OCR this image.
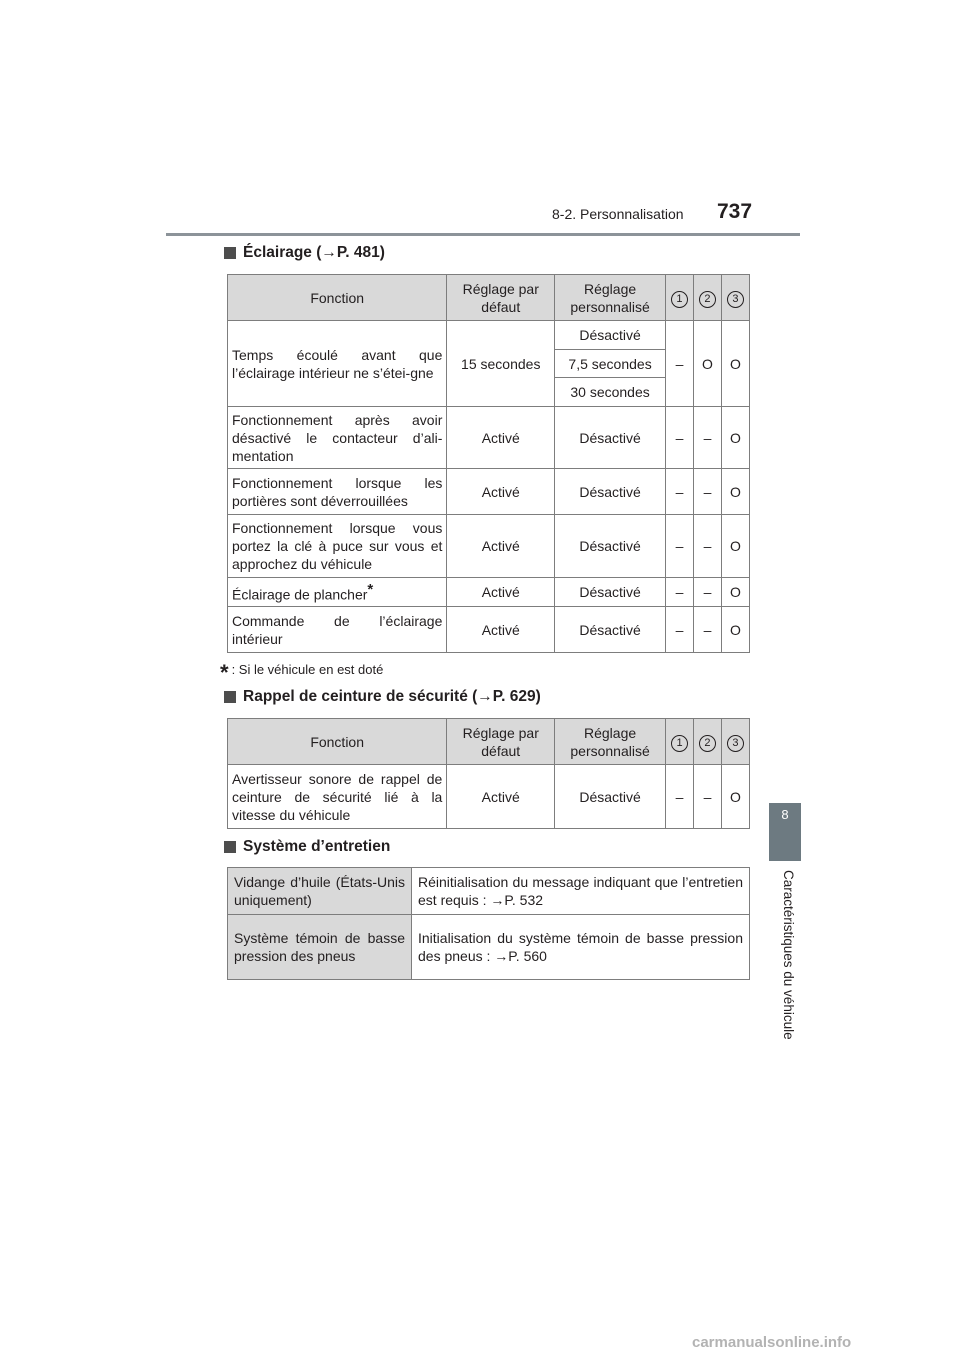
8-2. Personnalisation 737
8
Caractéristiques du véhicule
Éclairage (→P. 481)
Fonction	Réglage par défaut	Réglage personnalisé	1	2	3
Temps écoulé avant que l’éclairage intérieur ne s’étei-gne	15 secondes	Désactivé	–	O	O
		7,5 secondes			
		30 secondes			
Fonctionnement après avoir désactivé le contacteur d’ali-mentation	Activé	Désactivé	–	–	O
Fonctionnement lorsque les portières sont déverrouillées	Activé	Désactivé	–	–	O
Fonctionnement lorsque vous portez la clé à puce sur vous et approchez du véhicule	Activé	Désactivé	–	–	O
Éclairage de plancher*	Activé	Désactivé	–	–	O
Commande de l’éclairage intérieur	Activé	Désactivé	–	–	O
* : Si le véhicule en est doté
Rappel de ceinture de sécurité (→P. 629)
Fonction	Réglage par défaut	Réglage personnalisé	1	2	3
Avertisseur sonore de rappel de ceinture de sécurité lié à la vitesse du véhicule	Activé	Désactivé	–	–	O
Système d’entretien
Vidange d’huile (États-Unis uniquement)	Réinitialisation du message indiquant que l’entretien est requis : →P. 532
Système témoin de basse pression des pneus	Initialisation du système témoin de basse pression des pneus : →P. 560
carmanualsonline.info
